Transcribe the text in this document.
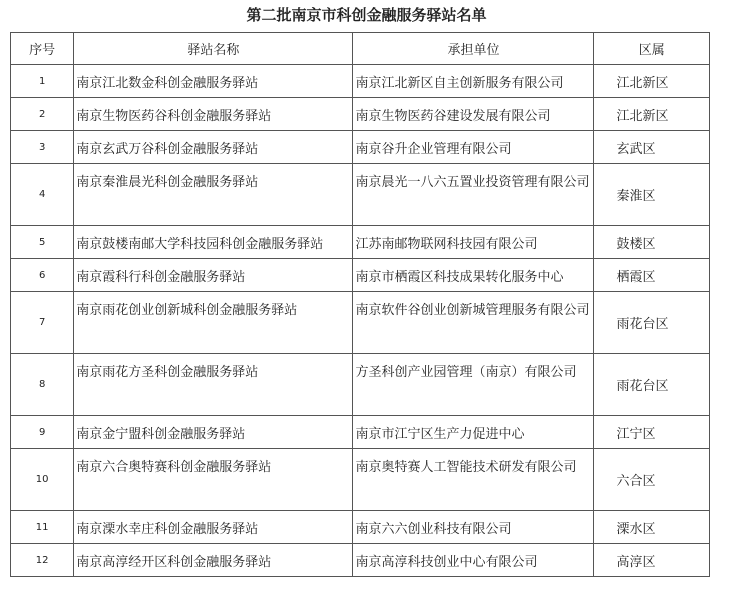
第二批南京市科创金融服务驿站名单
序号	驿站名称	承担单位	区属
1	南京江北数金科创金融服务驿站	南京江北新区自主创新服务有限公司	江北新区
2	南京生物医药谷科创金融服务驿站	南京生物医药谷建设发展有限公司	江北新区
3	南京玄武万谷科创金融服务驿站	南京谷升企业管理有限公司	玄武区
4	南京秦淮晨光科创金融服务驿站	南京晨光一八六五置业投资管理有限公司	秦淮区
5	南京鼓楼南邮大学科技园科创金融服务驿站	江苏南邮物联网科技园有限公司	鼓楼区
6	南京霞科行科创金融服务驿站	南京市栖霞区科技成果转化服务中心	栖霞区
7	南京雨花创业创新城科创金融服务驿站	南京软件谷创业创新城管理服务有限公司	雨花台区
8	南京雨花方圣科创金融服务驿站	方圣科创产业园管理（南京）有限公司	雨花台区
9	南京金宁盟科创金融服务驿站	南京市江宁区生产力促进中心	江宁区
10	南京六合奥特赛科创金融服务驿站	南京奥特赛人工智能技术研发有限公司	六合区
11	南京溧水幸庄科创金融服务驿站	南京六六创业科技有限公司	溧水区
12	南京高淳经开区科创金融服务驿站	南京高淳科技创业中心有限公司	高淳区
